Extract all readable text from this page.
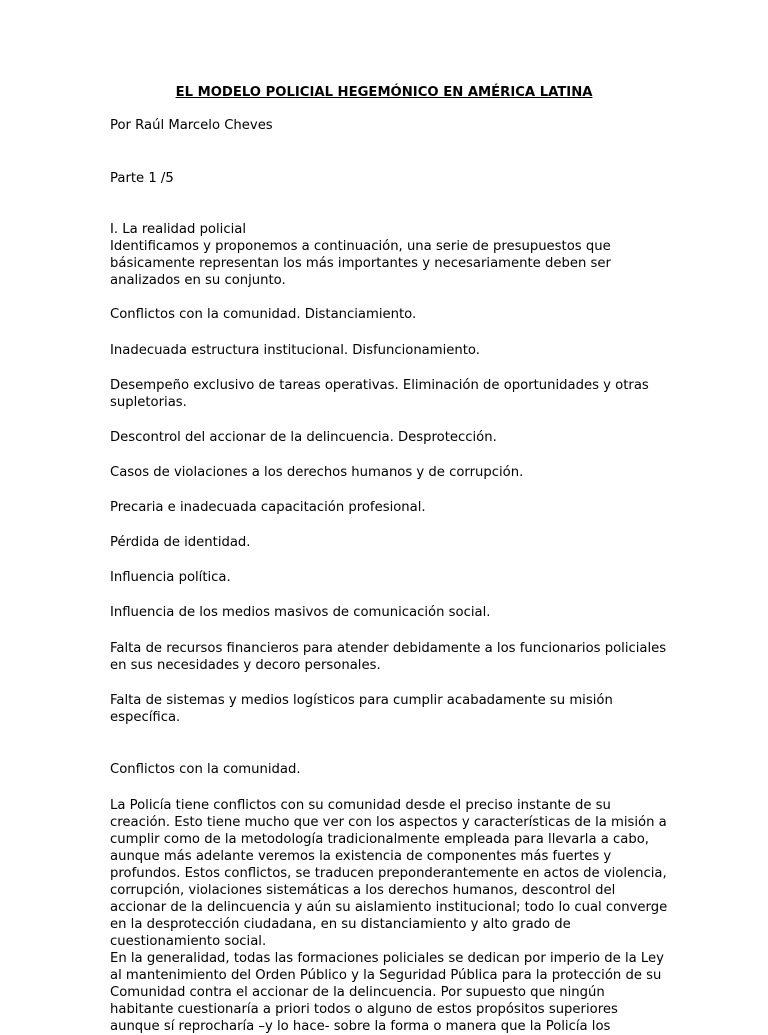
EL MODELO POLICIAL HEGEMÓNICO EN AMÉRICA LATINA

Por Raúl Marcelo Cheves

Parte 1 /5

I. La realidad policial

Identificamos y proponemos a continuación, una serie de presupuestos que básicamente representan los más importantes y necesariamente deben ser analizados en su conjunto.

Conflictos con la comunidad. Distanciamiento.

Inadecuada estructura institucional. Disfuncionamiento.

Desempeño exclusivo de tareas operativas. Eliminación de oportunidades y otras supletorias.

Descontrol del accionar de la delincuencia. Desprotección.

Casos de violaciones a los derechos humanos y de corrupción.

Precaria e inadecuada capacitación profesional.

Pérdida de identidad.

Influencia política.

Influencia de los medios masivos de comunicación social.

Falta de recursos financieros para atender debidamente a los funcionarios policiales en sus necesidades y decoro personales.

Falta de sistemas y medios logísticos para cumplir acabadamente su misión específica.

Conflictos con la comunidad.

La Policía tiene conflictos con su comunidad desde el preciso instante de su creación. Esto tiene mucho que ver con los aspectos y características de la misión a cumplir como de la metodología tradicionalmente empleada para llevarla a cabo, aunque más adelante veremos la existencia de componentes más fuertes y profundos. Estos conflictos, se traducen preponderantemente en actos de violencia, corrupción, violaciones sistemáticas a los derechos humanos, descontrol del accionar de la delincuencia y aún su aislamiento institucional; todo lo cual converge en la desprotección ciudadana, en su distanciamiento y alto grado de cuestionamiento social.

En la generalidad, todas las formaciones policiales se dedican por imperio de la Ley al mantenimiento del Orden Público y la Seguridad Pública para la protección de su Comunidad contra el accionar de la delincuencia. Por supuesto que ningún habitante cuestionaría a priori todos o alguno de estos propósitos superiores aunque sí reprocharía –y lo hace- sobre la forma o manera que la Policía los
